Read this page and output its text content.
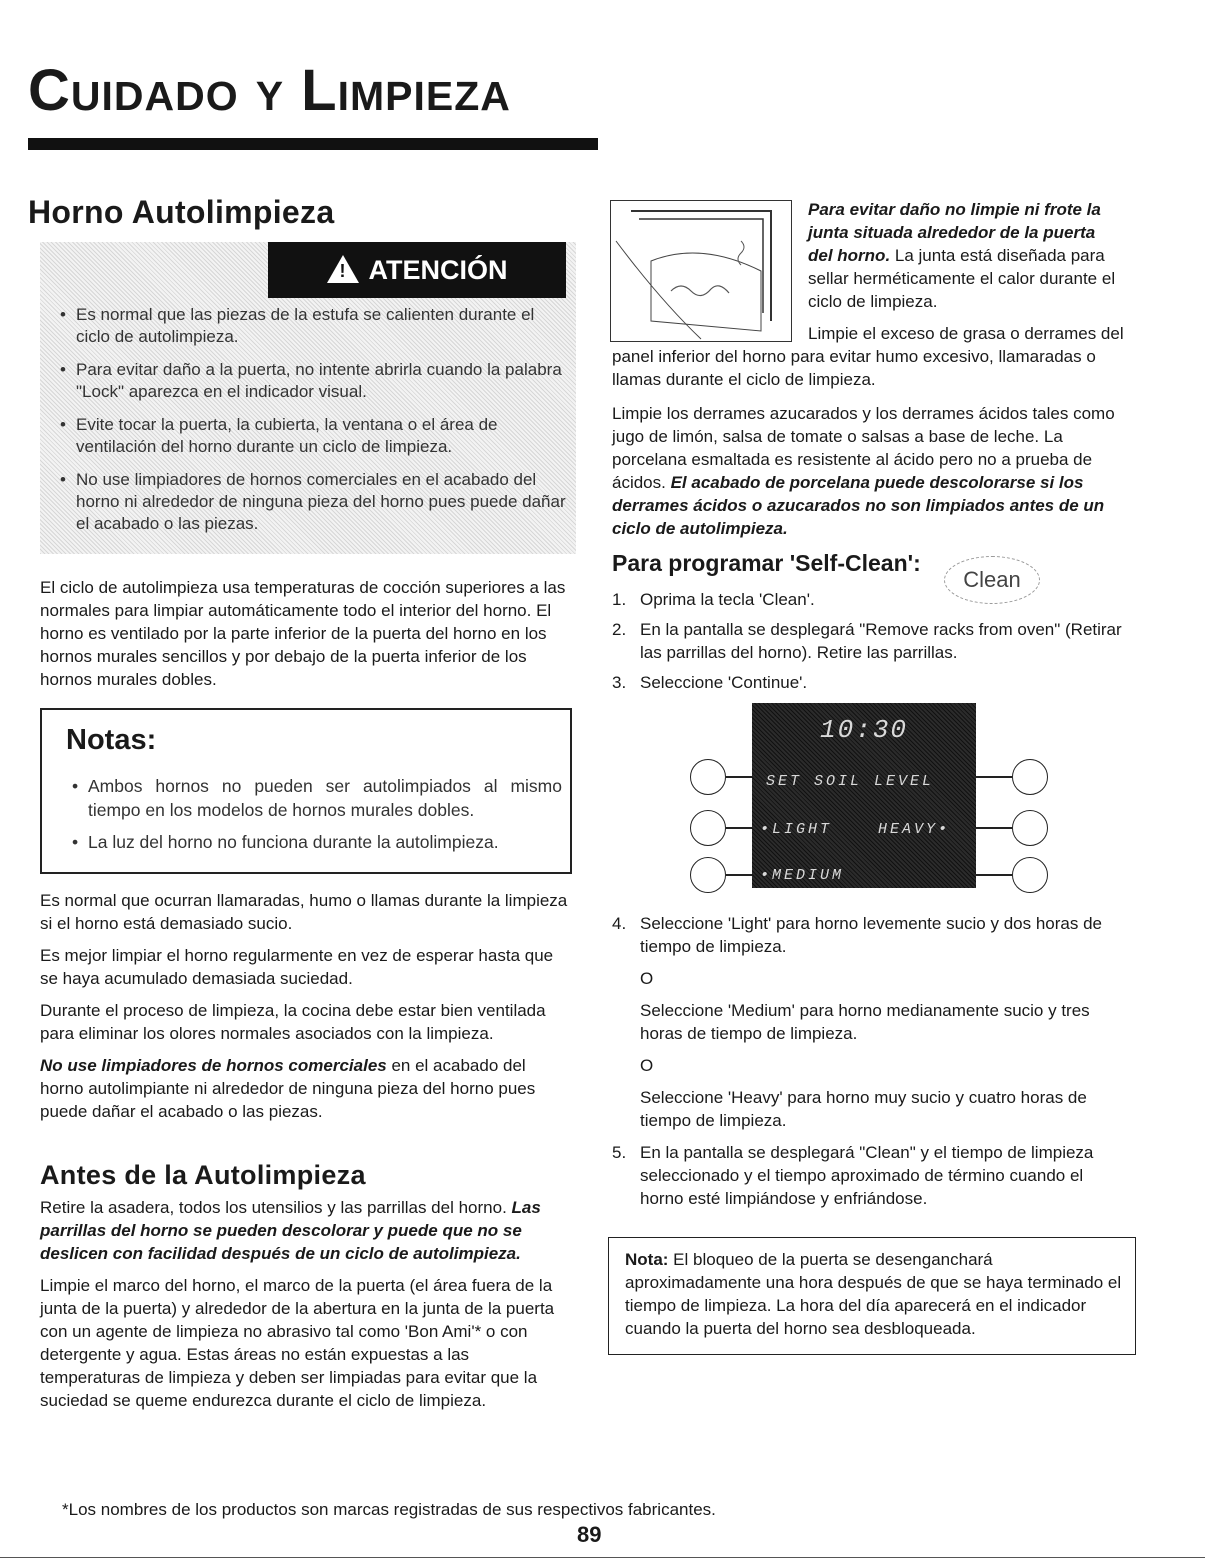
Cuidado y Limpieza
Horno Autolimpieza
! ATENCIÓN
• Es normal que las piezas de la estufa se calienten durante el ciclo de autolimpieza.
• Para evitar daño a la puerta, no intente abrirla cuando la palabra "Lock" aparezca en el indicador visual.
• Evite tocar la puerta, la cubierta, la ventana o el área de ventilación del horno durante un ciclo de limpieza.
• No use limpiadores de hornos comerciales en el acabado del horno ni alrededor de ninguna pieza del horno pues puede dañar el acabado o las piezas.

El ciclo de autolimpieza usa temperaturas de cocción superiores a las normales para limpiar automáticamente todo el interior del horno. El horno es ventilado por la parte inferior de la puerta del horno en los hornos murales sencillos y por debajo de la puerta inferior de los hornos murales dobles.

Notas:
• Ambos hornos no pueden ser autolimpiados al mismo tiempo en los modelos de hornos murales dobles.
• La luz del horno no funciona durante la autolimpieza.

Es normal que ocurran llamaradas, humo o llamas durante la limpieza si el horno está demasiado sucio.

Es mejor limpiar el horno regularmente en vez de esperar hasta que se haya acumulado demasiada suciedad.

Durante el proceso de limpieza, la cocina debe estar bien ventilada para eliminar los olores normales asociados con la limpieza.

No use limpiadores de hornos comerciales en el acabado del horno autolimpiante ni alrededor de ninguna pieza del horno pues puede dañar el acabado o las piezas.

Antes de la Autolimpieza

Retire la asadera, todos los utensilios y las parrillas del horno. Las parrillas del horno se pueden descolorar y puede que no se deslicen con facilidad después de un ciclo de autolimpieza.

Limpie el marco del horno, el marco de la puerta (el área fuera de la junta de la puerta) y alrededor de la abertura en la junta de la puerta con un agente de limpieza no abrasivo tal como 'Bon Ami'* o con detergente y agua. Estas áreas no están expuestas a las temperaturas de limpieza y deben ser limpiadas para evitar que la suciedad se queme endurezca durante el ciclo de limpieza.

Para evitar daño no limpie ni frote la junta situada alrededor de la puerta del horno. La junta está diseñada para sellar herméticamente el calor durante el ciclo de limpieza.

Limpie el exceso de grasa o derrames del panel inferior del horno para evitar humo excesivo, llamaradas o llamas durante el ciclo de limpieza.

Limpie los derrames azucarados y los derrames ácidos tales como jugo de limón, salsa de tomate o salsas a base de leche. La porcelana esmaltada es resistente al ácido pero no a prueba de ácidos. El acabado de porcelana puede descolorarse si los derrames ácidos o azucarados no son limpiados antes de un ciclo de autolimpieza.

Para programar 'Self-Clean':
Clean
1. Oprima la tecla 'Clean'.
2. En la pantalla se desplegará "Remove racks from oven" (Retirar las parrillas del horno). Retire las parrillas.
3. Seleccione 'Continue'.
10:30
SET SOIL LEVEL
•LIGHT	HEAVY•
•MEDIUM
4. Seleccione 'Light' para horno levemente sucio y dos horas de tiempo de limpieza.

O

Seleccione 'Medium' para horno medianamente sucio y tres horas de tiempo de limpieza.

O

Seleccione 'Heavy' para horno muy sucio y cuatro horas de tiempo de limpieza.

5. En la pantalla se desplegará "Clean" y el tiempo de limpieza seleccionado y el tiempo aproximado de término cuando el horno esté limpiándose y enfriándose.

Nota: El bloqueo de la puerta se desenganchará aproximadamente una hora después de que se haya terminado el tiempo de limpieza. La hora del día aparecerá en el indicador cuando la puerta del horno sea desbloqueada.

*Los nombres de los productos son marcas registradas de sus respectivos fabricantes.
89
